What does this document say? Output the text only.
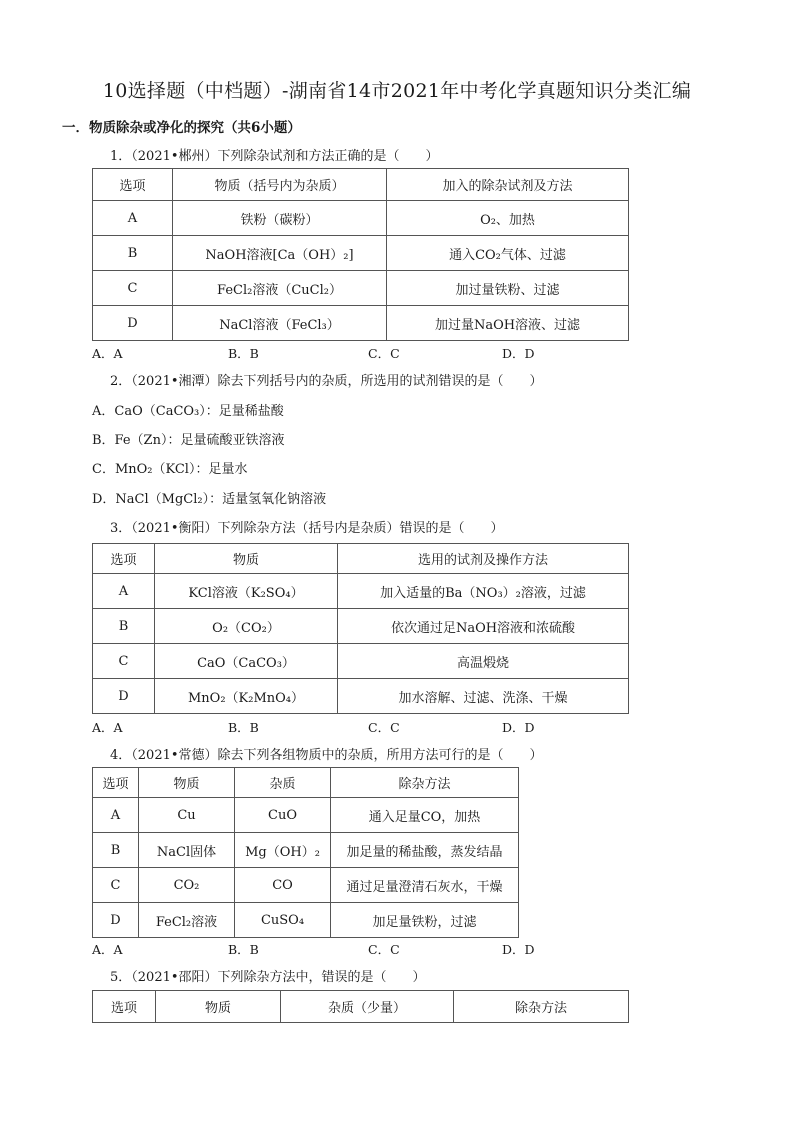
10选择题（中档题）-湖南省14市2021年中考化学真题知识分类汇编
一．物质除杂或净化的探究（共6小题）
1．（2021•郴州）下列除杂试剂和方法正确的是（　　）
选项	物质（括号内为杂质）	加入的除杂试剂及方法
A	铁粉（碳粉）	O₂、加热
B	NaOH溶液[Ca（OH）₂]	通入CO₂气体、过滤
C	FeCl₂溶液（CuCl₂）	加过量铁粉、过滤
D	NaCl溶液（FeCl₃）	加过量NaOH溶液、过滤
A．A	B．B	C．C	D．D
2．（2021•湘潭）除去下列括号内的杂质，所选用的试剂错误的是（　　）
A．CaO（CaCO₃）：足量稀盐酸
B．Fe（Zn）：足量硫酸亚铁溶液
C．MnO₂（KCl）：足量水
D．NaCl（MgCl₂）：适量氢氧化钠溶液
3．（2021•衡阳）下列除杂方法（括号内是杂质）错误的是（　　）
选项	物质	选用的试剂及操作方法
A	KCl溶液（K₂SO₄）	加入适量的Ba（NO₃）₂溶液，过滤
B	O₂（CO₂）	依次通过足NaOH溶液和浓硫酸
C	CaO（CaCO₃）	高温煅烧
D	MnO₂（K₂MnO₄）	加水溶解、过滤、洗涤、干燥
A．A	B．B	C．C	D．D
4．（2021•常德）除去下列各组物质中的杂质，所用方法可行的是（　　）
选项	物质	杂质	除杂方法
A	Cu	CuO	通入足量CO，加热
B	NaCl固体	Mg（OH）₂	加足量的稀盐酸，蒸发结晶
C	CO₂	CO	通过足量澄清石灰水，干燥
D	FeCl₂溶液	CuSO₄	加足量铁粉，过滤
A．A	B．B	C．C	D．D
5．（2021•邵阳）下列除杂方法中，错误的是（　　）
选项	物质	杂质（少量）	除杂方法
